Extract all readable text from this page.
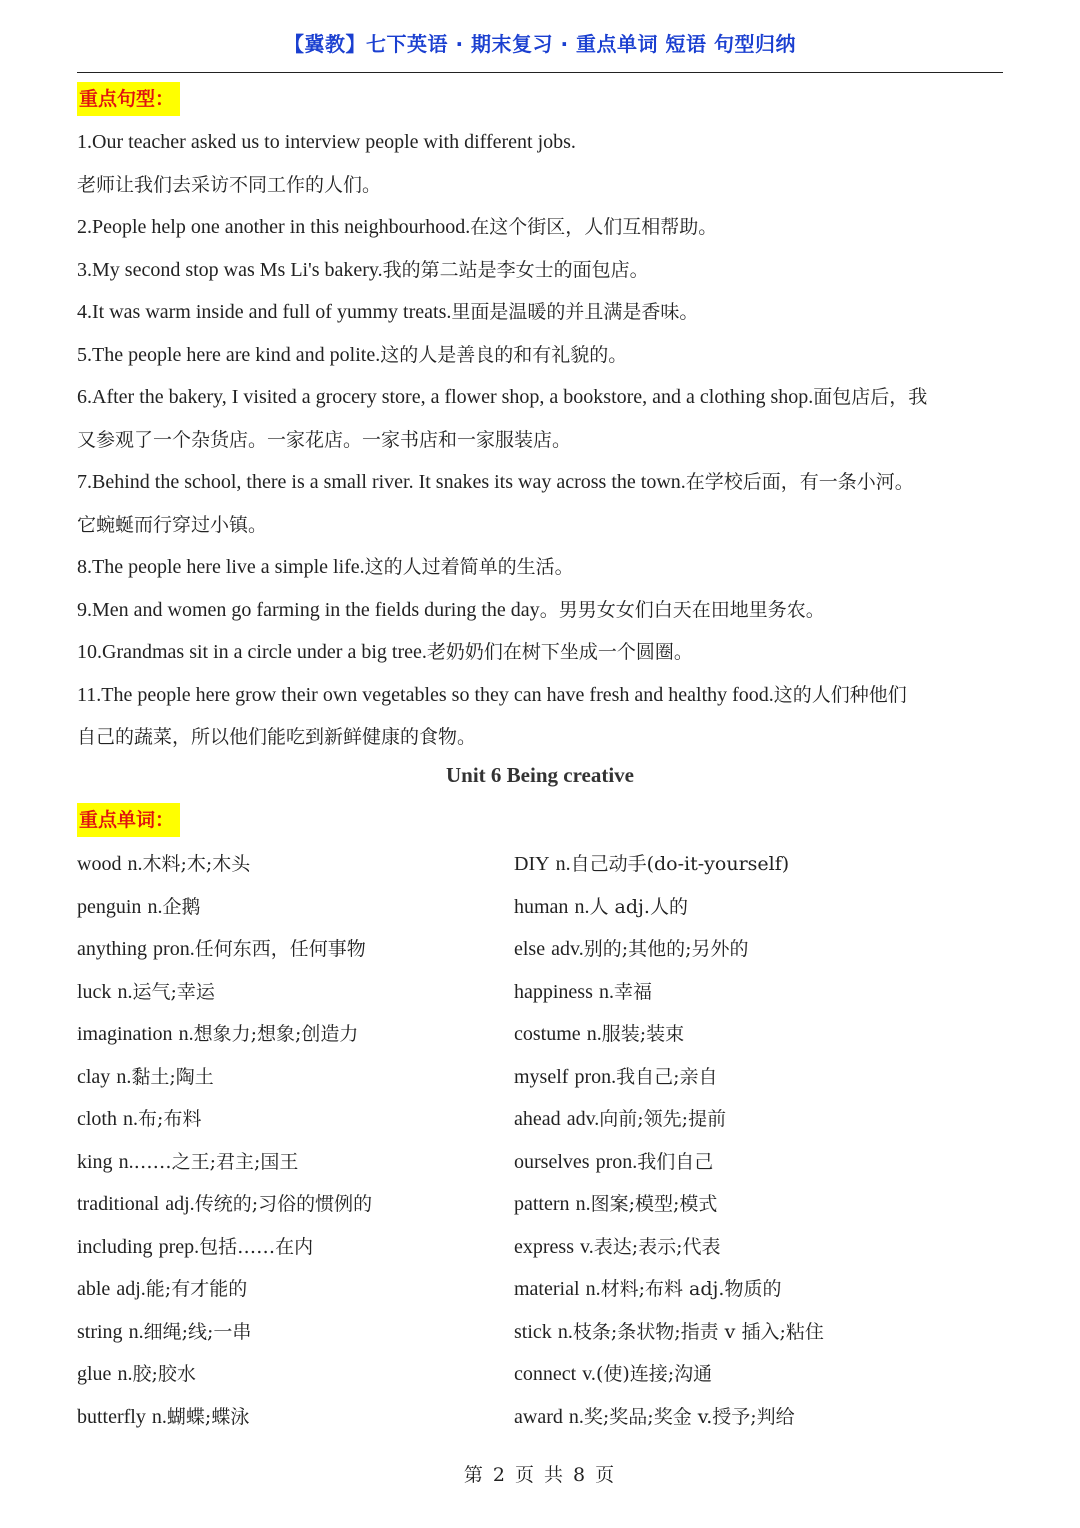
【冀教】七下英语 · 期末复习 · 重点单词 短语 句型归纳
重点句型：
1.Our teacher asked us to interview people with different jobs.
老师让我们去采访不同工作的人们。
2.People help one another in this neighbourhood.在这个街区，人们互相帮助。
3.My second stop was Ms Li's bakery.我的第二站是李女士的面包店。
4.It was warm inside and full of yummy treats.里面是温暖的并且满是香味。
5.The people here are kind and polite.这的人是善良的和有礼貌的。
6.After the bakery, I visited a grocery store, a flower shop, a bookstore, and a clothing shop.面包店后，我
又参观了一个杂货店。一家花店。一家书店和一家服装店。
7.Behind the school, there is a small river. It snakes its way across the town.在学校后面，有一条小河。
它蜿蜒而行穿过小镇。
8.The people here live a simple life.这的人过着简单的生活。
9.Men and women go farming in the fields during the day。男男女女们白天在田地里务农。
10.Grandmas sit in a circle under a big tree.老奶奶们在树下坐成一个圆圈。
11.The people here grow their own vegetables so they can have fresh and healthy food.这的人们种他们
自己的蔬菜，所以他们能吃到新鲜健康的食物。
Unit 6 Being creative
重点单词：
wood n.木料;木;木头	DIY n.自己动手(do-it-yourself)
penguin n.企鹅	human n.人 adj.人的
anything pron.任何东西，任何事物	else adv.别的;其他的;另外的
luck n.运气;幸运	happiness n.幸福
imagination n.想象力;想象;创造力	costume n.服装;装束
clay n.黏土;陶土	myself pron.我自己;亲自
cloth n.布;布料	ahead adv.向前;领先;提前
king n.……之王;君主;国王	ourselves pron.我们自己
traditional adj.传统的;习俗的惯例的	pattern n.图案;模型;模式
including prep.包括……在内	express v.表达;表示;代表
able adj.能;有才能的	material n.材料;布料 adj.物质的
string n.细绳;线;一串	stick n.枝条;条状物;指责 v 插入;粘住
glue n.胶;胶水	connect v.(使)连接;沟通
butterfly n.蝴蝶;蝶泳	award n.奖;奖品;奖金 v.授予;判给
第 2 页 共 8 页
